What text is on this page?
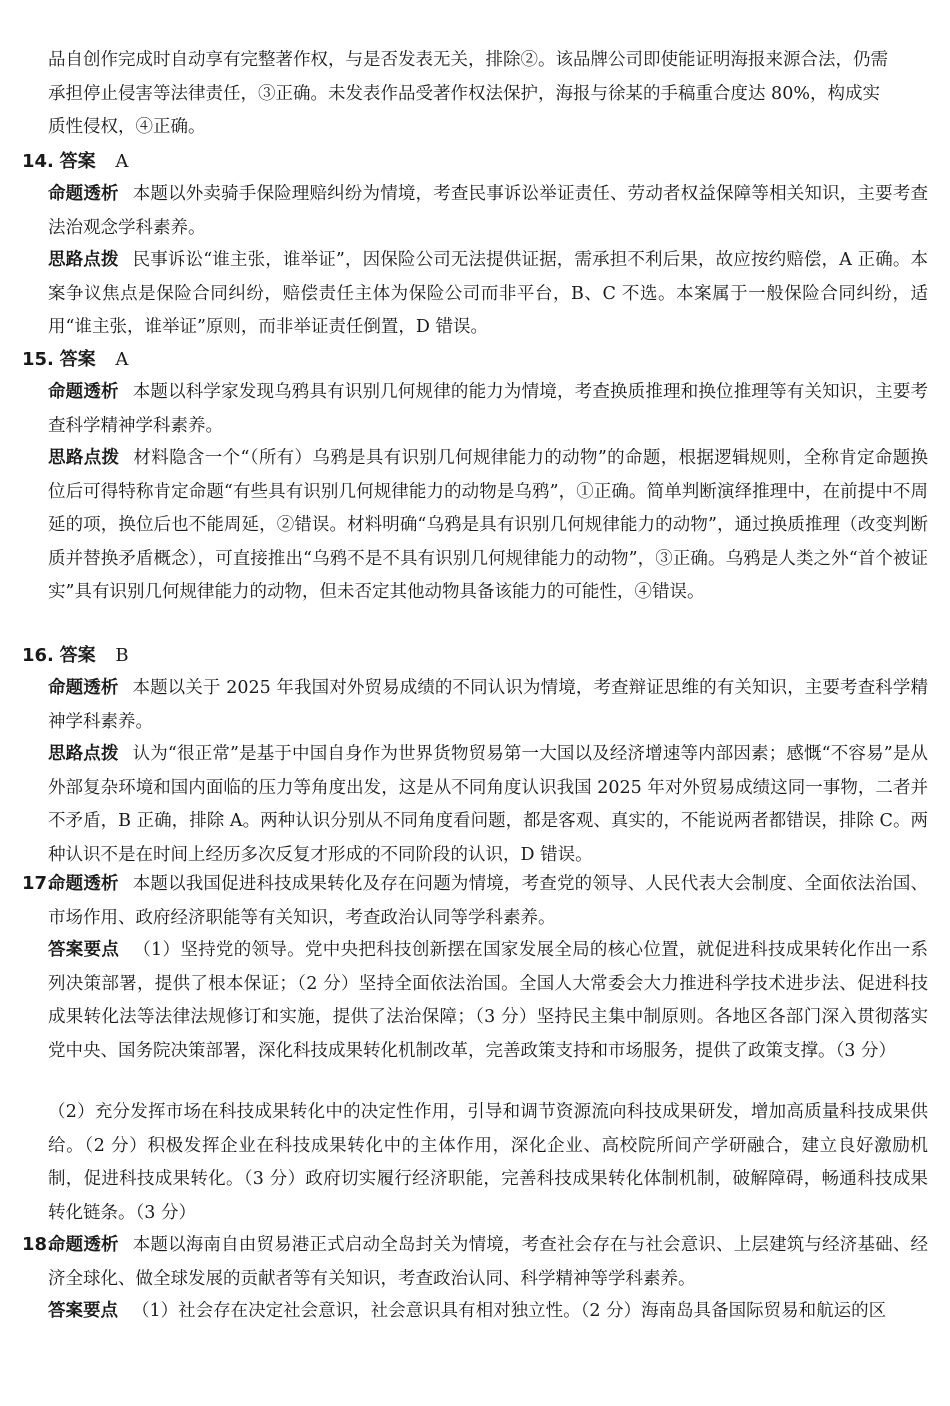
品自创作完成时自动享有完整著作权，与是否发表无关，排除②。该品牌公司即使能证明海报来源合法，仍需
承担停止侵害等法律责任，③正确。未发表作品受著作权法保护，海报与徐某的手稿重合度达 80%，构成实
质性侵权，④正确。
14. 答案 A
命题透析 本题以外卖骑手保险理赔纠纷为情境，考查民事诉讼举证责任、劳动者权益保障等相关知识，主要考查法治观念学科素养。
思路点拨 民事诉讼“谁主张，谁举证”，因保险公司无法提供证据，需承担不利后果，故应按约赔偿，A 正确。本案争议焦点是保险合同纠纷，赔偿责任主体为保险公司而非平台，B、C 不选。本案属于一般保险合同纠纷，适用“谁主张，谁举证”原则，而非举证责任倒置，D 错误。
15. 答案 A
命题透析 本题以科学家发现乌鸦具有识别几何规律的能力为情境，考查换质推理和换位推理等有关知识，主要考查科学精神学科素养。
思路点拨 材料隐含一个“（所有）乌鸦是具有识别几何规律能力的动物”的命题，根据逻辑规则，全称肯定命题换位后可得特称肯定命题“有些具有识别几何规律能力的动物是乌鸦”，①正确。简单判断演绎推理中，在前提中不周延的项，换位后也不能周延，②错误。材料明确“乌鸦是具有识别几何规律能力的动物”，通过换质推理（改变判断质并替换矛盾概念），可直接推出“乌鸦不是不具有识别几何规律能力的动物”，③正确。乌鸦是人类之外“首个被证实”具有识别几何规律能力的动物，但未否定其他动物具备该能力的可能性，④错误。
16. 答案 B
命题透析 本题以关于 2025 年我国对外贸易成绩的不同认识为情境，考查辩证思维的有关知识，主要考查科学精神学科素养。
思路点拨 认为“很正常”是基于中国自身作为世界货物贸易第一大国以及经济增速等内部因素；感慨“不容易”是从外部复杂环境和国内面临的压力等角度出发，这是从不同角度认识我国 2025 年对外贸易成绩这同一事物，二者并不矛盾，B 正确，排除 A。两种认识分别从不同角度看问题，都是客观、真实的，不能说两者都错误，排除 C。两种认识不是在时间上经历多次反复才形成的不同阶段的认识，D 错误。
17.
命题透析 本题以我国促进科技成果转化及存在问题为情境，考查党的领导、人民代表大会制度、全面依法治国、市场作用、政府经济职能等有关知识，考查政治认同等学科素养。
答案要点 （1）坚持党的领导。党中央把科技创新摆在国家发展全局的核心位置，就促进科技成果转化作出一系列决策部署，提供了根本保证；（2 分）坚持全面依法治国。全国人大常委会大力推进科学技术进步法、促进科技成果转化法等法律法规修订和实施，提供了法治保障；（3 分）坚持民主集中制原则。各地区各部门深入贯彻落实党中央、国务院决策部署，深化科技成果转化机制改革，完善政策支持和市场服务，提供了政策支撑。（3 分）
（2）充分发挥市场在科技成果转化中的决定性作用，引导和调节资源流向科技成果研发，增加高质量科技成果供给。（2 分）积极发挥企业在科技成果转化中的主体作用，深化企业、高校院所间产学研融合，建立良好激励机制，促进科技成果转化。（3 分）政府切实履行经济职能，完善科技成果转化体制机制，破解障碍，畅通科技成果转化链条。（3 分）
18.
命题透析 本题以海南自由贸易港正式启动全岛封关为情境，考查社会存在与社会意识、上层建筑与经济基础、经济全球化、做全球发展的贡献者等有关知识，考查政治认同、科学精神等学科素养。
答案要点 （1）社会存在决定社会意识，社会意识具有相对独立性。（2 分）海南岛具备国际贸易和航运的区
